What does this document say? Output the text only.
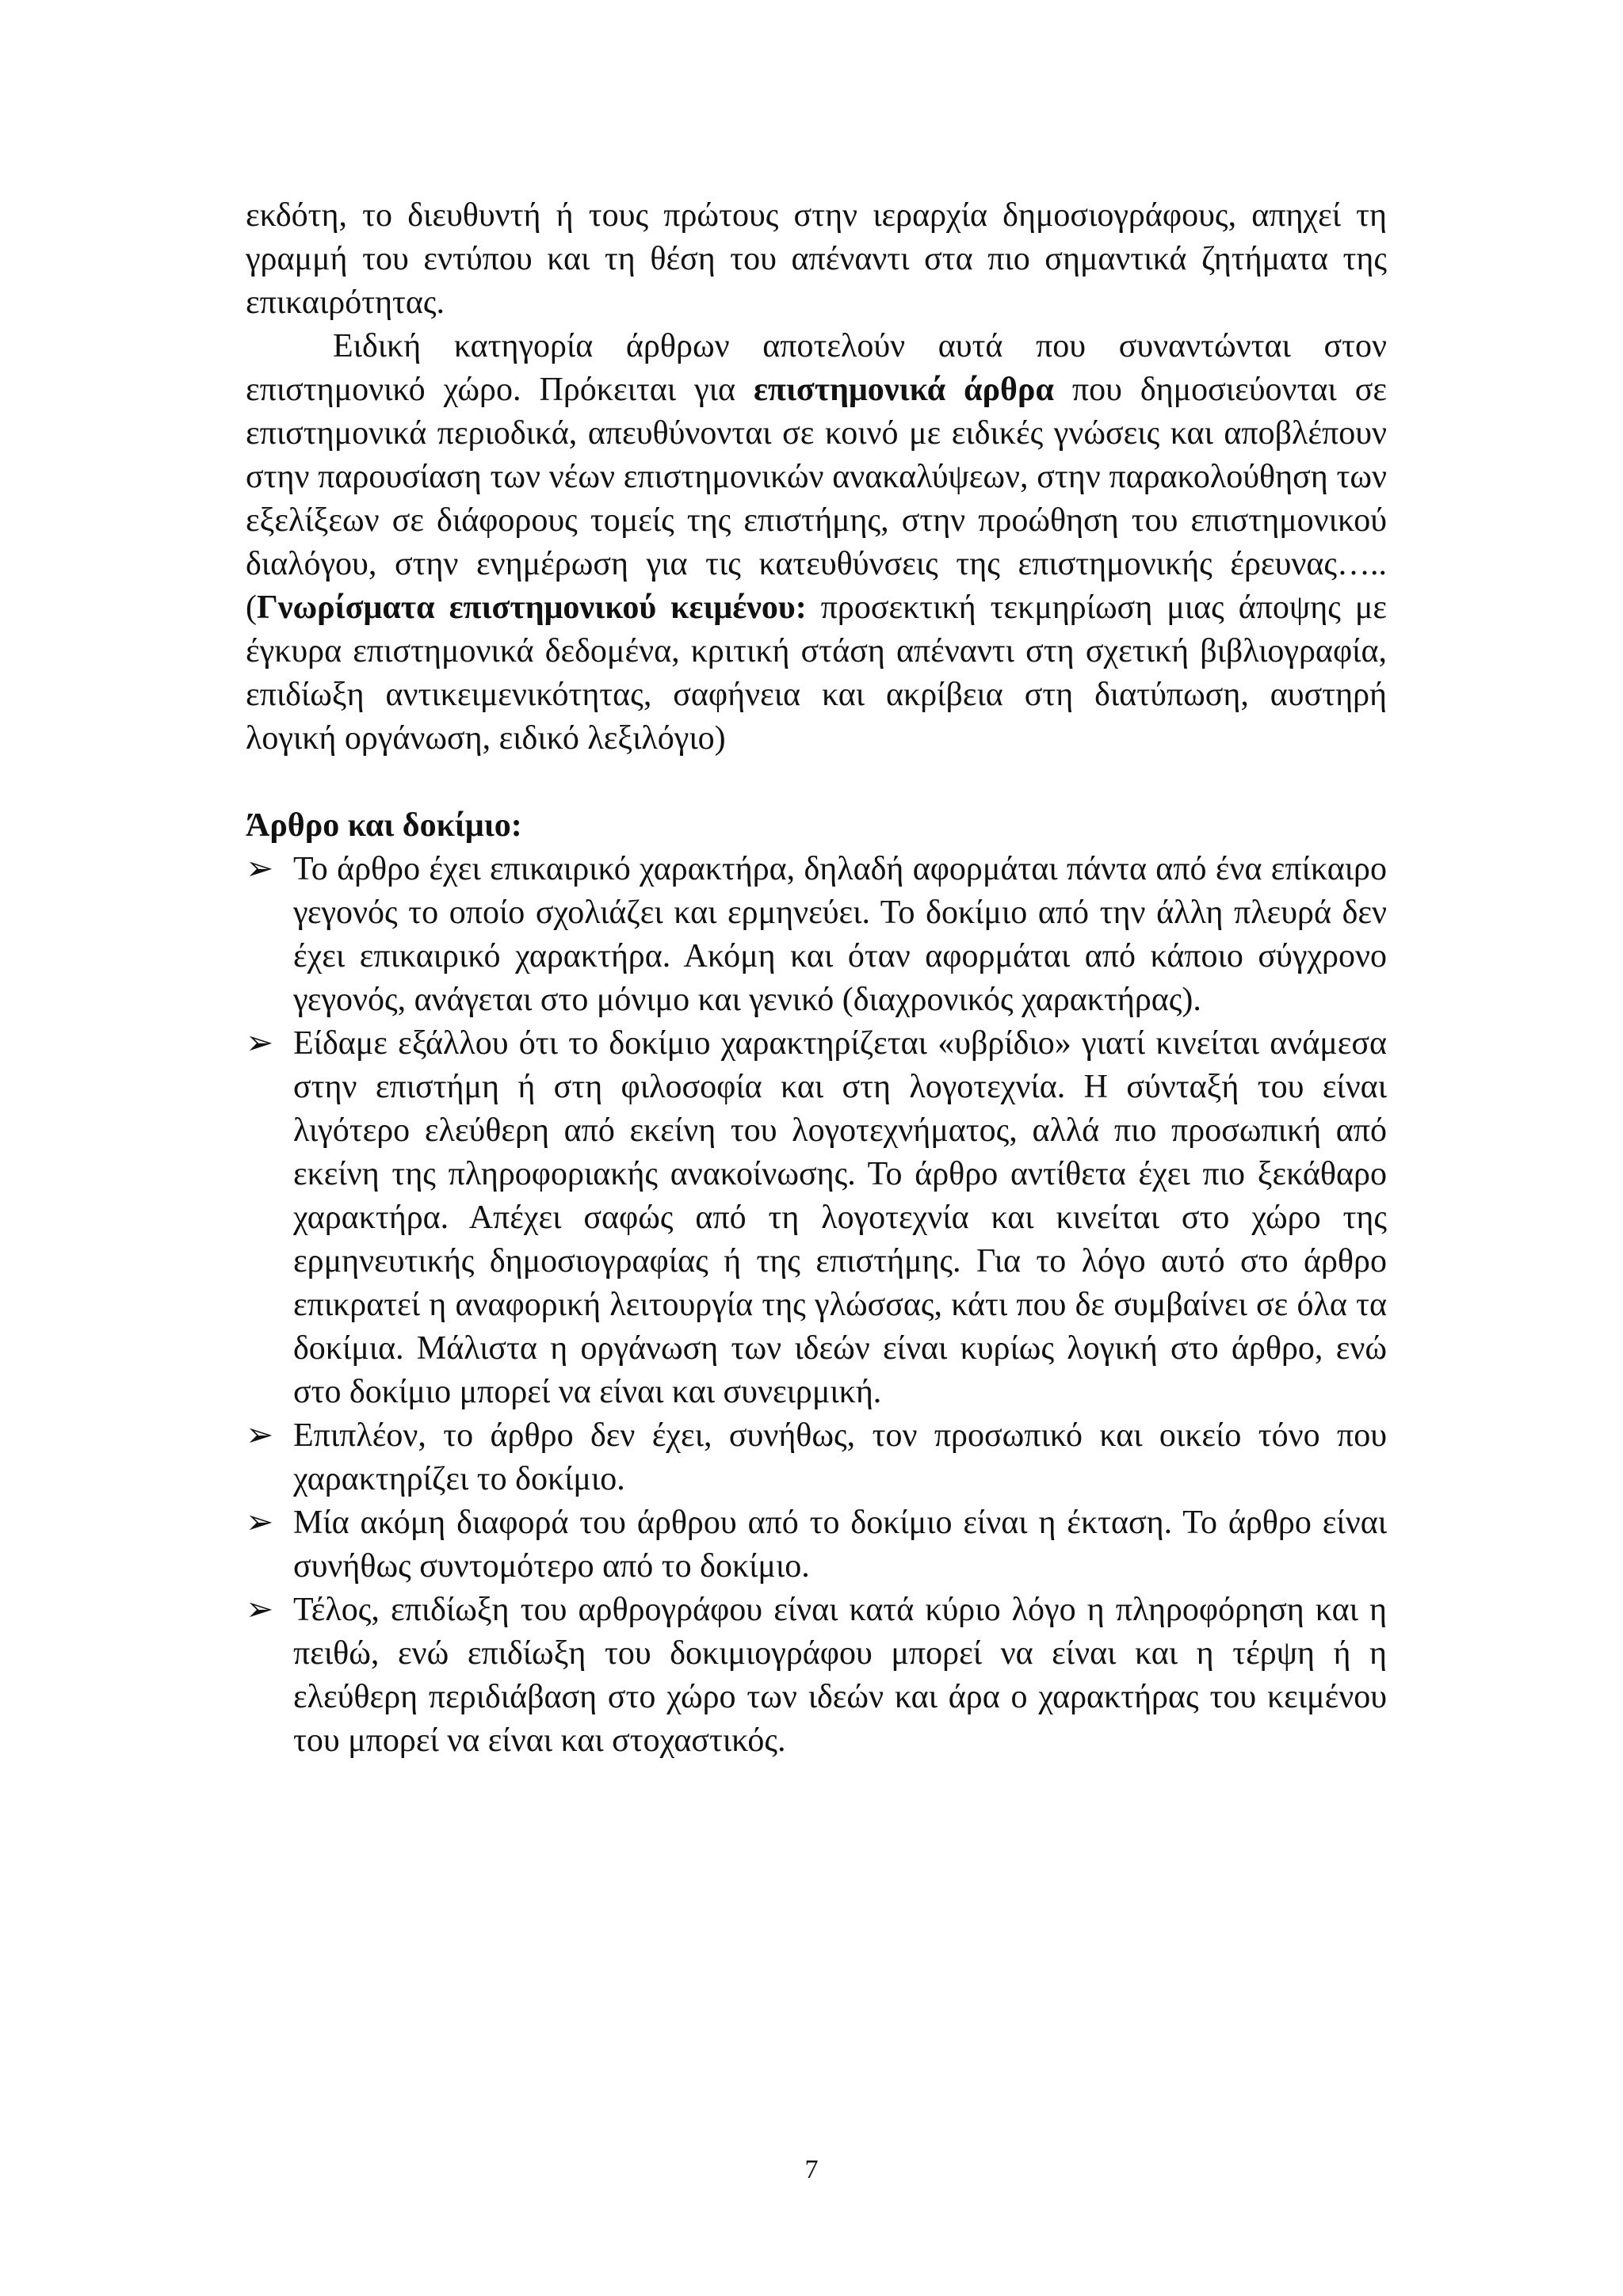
εκδότη, το διευθυντή ή τους πρώτους στην ιεραρχία δημοσιογράφους, απηχεί τη γραμμή του εντύπου και τη θέση του απέναντι στα πιο σημαντικά ζητήματα της επικαιρότητας.

Ειδική κατηγορία άρθρων αποτελούν αυτά που συναντώνται στον επιστημονικό χώρο. Πρόκειται για επιστημονικά άρθρα που δημοσιεύονται σε επιστημονικά περιοδικά, απευθύνονται σε κοινό με ειδικές γνώσεις και αποβλέπουν στην παρουσίαση των νέων επιστημονικών ανακαλύψεων, στην παρακολούθηση των εξελίξεων σε διάφορους τομείς της επιστήμης, στην προώθηση του επιστημονικού διαλόγου, στην ενημέρωση για τις κατευθύνσεις της επιστημονικής έρευνας….. (Γνωρίσματα επιστημονικού κειμένου: προσεκτική τεκμηρίωση μιας άποψης με έγκυρα επιστημονικά δεδομένα, κριτική στάση απέναντι στη σχετική βιβλιογραφία, επιδίωξη αντικειμενικότητας, σαφήνεια και ακρίβεια στη διατύπωση, αυστηρή λογική οργάνωση, ειδικό λεξιλόγιο)

Άρθρο και δοκίμιο:

➢ Το άρθρο έχει επικαιρικό χαρακτήρα, δηλαδή αφορμάται πάντα από ένα επίκαιρο γεγονός το οποίο σχολιάζει και ερμηνεύει. Το δοκίμιο από την άλλη πλευρά δεν έχει επικαιρικό χαρακτήρα. Ακόμη και όταν αφορμάται από κάποιο σύγχρονο γεγονός, ανάγεται στο μόνιμο και γενικό (διαχρονικός χαρακτήρας).
➢ Είδαμε εξάλλου ότι το δοκίμιο χαρακτηρίζεται «υβρίδιο» γιατί κινείται ανάμεσα στην επιστήμη ή στη φιλοσοφία και στη λογοτεχνία. Η σύνταξή του είναι λιγότερο ελεύθερη από εκείνη του λογοτεχνήματος, αλλά πιο προσωπική από εκείνη της πληροφοριακής ανακοίνωσης. Το άρθρο αντίθετα έχει πιο ξεκάθαρο χαρακτήρα. Απέχει σαφώς από τη λογοτεχνία και κινείται στο χώρο της ερμηνευτικής δημοσιογραφίας ή της επιστήμης. Για το λόγο αυτό στο άρθρο επικρατεί η αναφορική λειτουργία της γλώσσας, κάτι που δε συμβαίνει σε όλα τα δοκίμια. Μάλιστα η οργάνωση των ιδεών είναι κυρίως λογική στο άρθρο, ενώ στο δοκίμιο μπορεί να είναι και συνειρμική.
➢ Επιπλέον, το άρθρο δεν έχει, συνήθως, τον προσωπικό και οικείο τόνο που χαρακτηρίζει το δοκίμιο.
➢ Μία ακόμη διαφορά του άρθρου από το δοκίμιο είναι η έκταση. Το άρθρο είναι συνήθως συντομότερο από το δοκίμιο.
➢ Τέλος, επιδίωξη του αρθρογράφου είναι κατά κύριο λόγο η πληροφόρηση και η πειθώ, ενώ επιδίωξη του δοκιμιογράφου μπορεί να είναι και η τέρψη ή η ελεύθερη περιδιάβαση στο χώρο των ιδεών και άρα ο χαρακτήρας του κειμένου του μπορεί να είναι και στοχαστικός.
7
